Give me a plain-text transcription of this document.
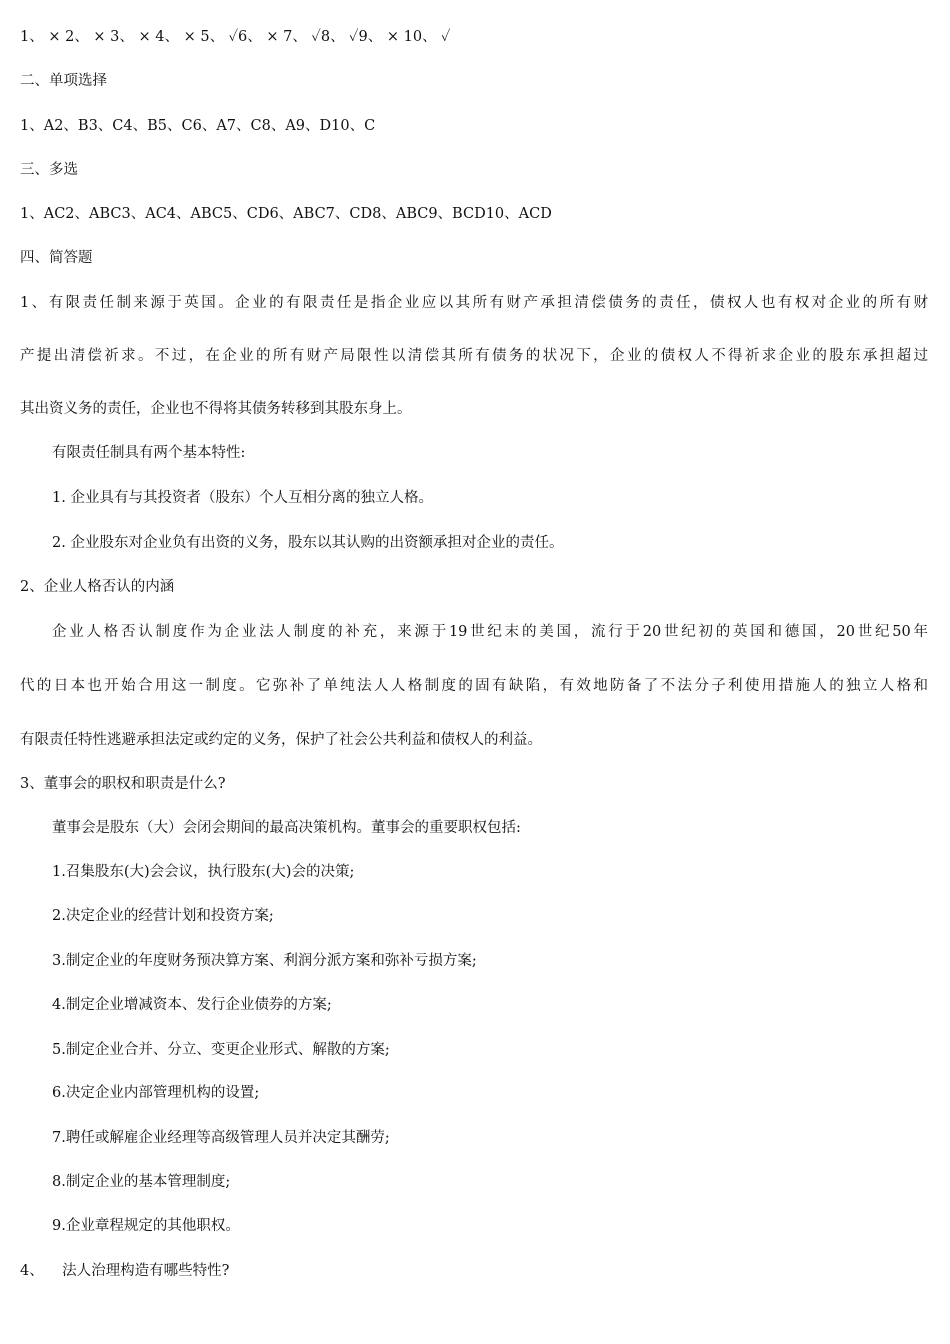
1、 × 2、 × 3、 × 4、 × 5、 ✓6、 × 7、 ✓8、 ✓9、 × 10、 ✓
二、单项选择
1、A2、B3、C4、B5、C6、A7、C8、A9、D10、C
三、多选
1、AC2、ABC3、AC4、ABC5、CD6、ABC7、CD8、ABC9、BCD10、ACD
四、简答题
1、有限责任制来源于英国。企业的有限责任是指企业应以其所有财产承担清偿债务的责任，债权人也有权对企业的所有财
产提出清偿祈求。不过，在企业的所有财产局限性以清偿其所有债务的状况下，企业的债权人不得祈求企业的股东承担超过
其出资义务的责任，企业也不得将其债务转移到其股东身上。
有限责任制具有两个基本特性:
1. 企业具有与其投资者（股东）个人互相分离的独立人格。
2. 企业股东对企业负有出资的义务，股东以其认购的出资额承担对企业的责任。
2、企业人格否认的内涵
企业人格否认制度作为企业法人制度的补充，来源于19世纪末的美国，流行于20世纪初的英国和德国，20世纪50年
代的日本也开始合用这一制度。它弥补了单纯法人人格制度的固有缺陷，有效地防备了不法分子利使用措施人的独立人格和
有限责任特性逃避承担法定或约定的义务，保护了社会公共利益和债权人的利益。
3、董事会的职权和职责是什么?
董事会是股东（大）会闭会期间的最高决策机构。董事会的重要职权包括:
1.召集股东(大)会会议，执行股东(大)会的决策;
2.决定企业的经营计划和投资方案;
3.制定企业的年度财务预决算方案、利润分派方案和弥补亏损方案;
4.制定企业增减资本、发行企业债券的方案;
5.制定企业合并、分立、变更企业形式、解散的方案;
6.决定企业内部管理机构的设置;
7.聘任或解雇企业经理等高级管理人员并决定其酬劳;
8.制定企业的基本管理制度;
9.企业章程规定的其他职权。
4、    法人治理构造有哪些特性?
